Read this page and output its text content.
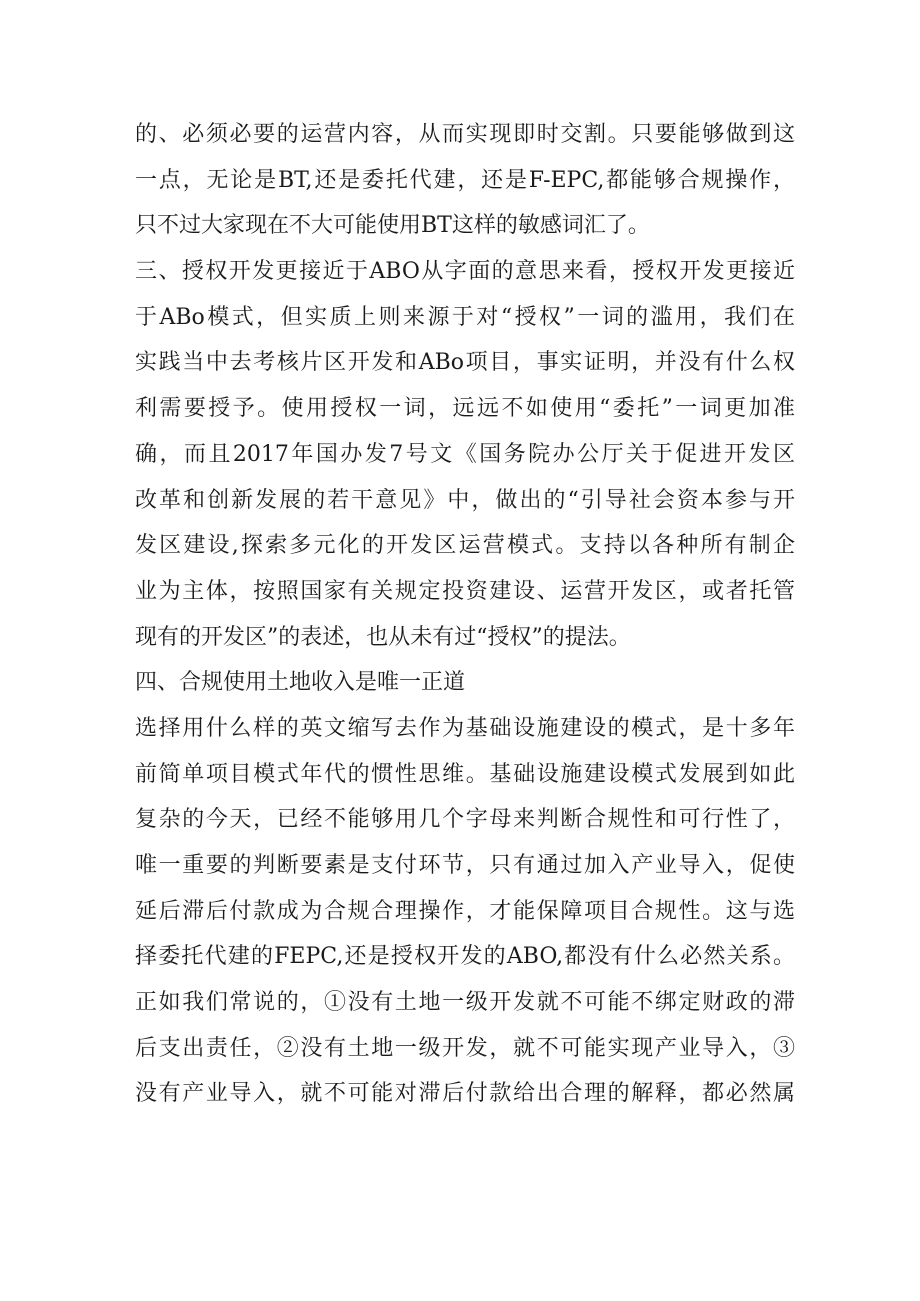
的、必须必要的运营内容，从而实现即时交割。只要能够做到这
一点，无论是BT,还是委托代建，还是F-EPC,都能够合规操作，
只不过大家现在不大可能使用BT这样的敏感词汇了。
三、授权开发更接近于ABO从字面的意思来看，授权开发更接近
于ABo模式，但实质上则来源于对“授权”一词的滥用，我们在
实践当中去考核片区开发和ABo项目，事实证明，并没有什么权
利需要授予。使用授权一词，远远不如使用“委托”一词更加准
确，而且2017年国办发7号文《国务院办公厅关于促进开发区
改革和创新发展的若干意见》中，做出的“引导社会资本参与开
发区建设,探索多元化的开发区运营模式。支持以各种所有制企
业为主体，按照国家有关规定投资建设、运营开发区，或者托管
现有的开发区”的表述，也从未有过“授权”的提法。
四、合规使用土地收入是唯一正道
选择用什么样的英文缩写去作为基础设施建设的模式，是十多年
前简单项目模式年代的惯性思维。基础设施建设模式发展到如此
复杂的今天，已经不能够用几个字母来判断合规性和可行性了，
唯一重要的判断要素是支付环节，只有通过加入产业导入，促使
延后滞后付款成为合规合理操作，才能保障项目合规性。这与选
择委托代建的FEPC,还是授权开发的ABO,都没有什么必然关系。
正如我们常说的，①没有土地一级开发就不可能不绑定财政的滞
后支出责任，②没有土地一级开发，就不可能实现产业导入，③
没有产业导入，就不可能对滞后付款给出合理的解释，都必然属
